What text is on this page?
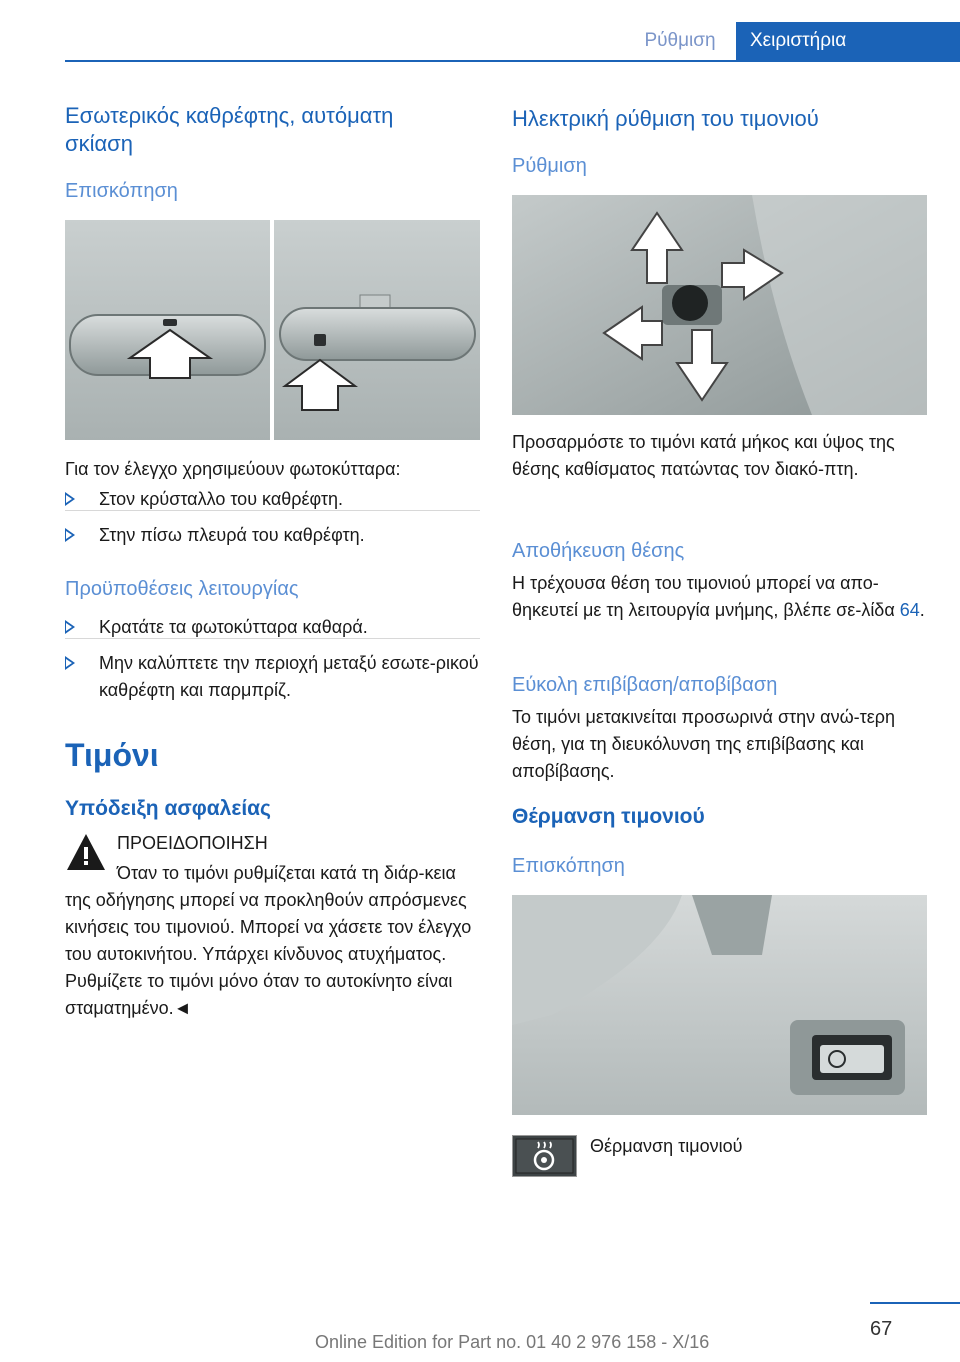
Ρύθμιση	Χειριστήρια
Εσωτερικός καθρέφτης, αυτόματη σκίαση
Επισκόπηση
Για τον έλεγχο χρησιμεύουν φωτοκύτταρα:
Στον κρύσταλλο του καθρέφτη.
Στην πίσω πλευρά του καθρέφτη.
Προϋποθέσεις λειτουργίας
Κρατάτε τα φωτοκύτταρα καθαρά.
Μην καλύπτετε την περιοχή μεταξύ εσωτε-ρικού καθρέφτη και παρμπρίζ.
Τιμόνι
Υπόδειξη ασφαλείας
ΠΡΟΕΙΔΟΠΟΙΗΣΗ
Όταν το τιμόνι ρυθμίζεται κατά τη διάρ-κεια της οδήγησης μπορεί να προκληθούν απρόσμενες κινήσεις του τιμονιού. Μπορεί να χάσετε τον έλεγχο του αυτοκινήτου. Υπάρχει κίνδυνος ατυχήματος. Ρυθμίζετε το τιμόνι μόνο όταν το αυτοκίνητο είναι σταματημένο.◄
Ηλεκτρική ρύθμιση του τιμονιού
Ρύθμιση
Προσαρμόστε το τιμόνι κατά μήκος και ύψος της θέσης καθίσματος πατώντας τον διακό-πτη.
Αποθήκευση θέσης
Η τρέχουσα θέση του τιμονιού μπορεί να απο-θηκευτεί με τη λειτουργία μνήμης, βλέπε σε-λίδα 64.
Εύκολη επιβίβαση/αποβίβαση
Το τιμόνι μετακινείται προσωρινά στην ανώ-τερη θέση, για τη διευκόλυνση της επιβίβασης και αποβίβασης.
Θέρμανση τιμονιού
Επισκόπηση
Θέρμανση τιμονιού
67
Online Edition for Part no. 01 40 2 976 158 - X/16
